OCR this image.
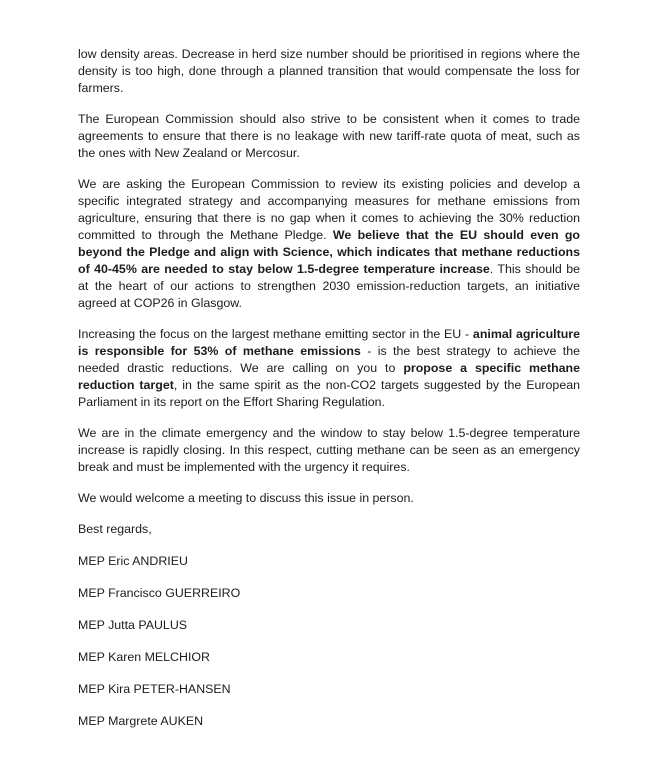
low density areas. Decrease in herd size number should be prioritised in regions where the density is too high, done through a planned transition that would compensate the loss for farmers.

The European Commission should also strive to be consistent when it comes to trade agreements to ensure that there is no leakage with new tariff-rate quota of meat, such as the ones with New Zealand or Mercosur.

We are asking the European Commission to review its existing policies and develop a specific integrated strategy and accompanying measures for methane emissions from agriculture, ensuring that there is no gap when it comes to achieving the 30% reduction committed to through the Methane Pledge. We believe that the EU should even go beyond the Pledge and align with Science, which indicates that methane reductions of 40-45% are needed to stay below 1.5-degree temperature increase. This should be at the heart of our actions to strengthen 2030 emission-reduction targets, an initiative agreed at COP26 in Glasgow.

Increasing the focus on the largest methane emitting sector in the EU - animal agriculture is responsible for 53% of methane emissions - is the best strategy to achieve the needed drastic reductions. We are calling on you to propose a specific methane reduction target, in the same spirit as the non-CO2 targets suggested by the European Parliament in its report on the Effort Sharing Regulation.

We are in the climate emergency and the window to stay below 1.5-degree temperature increase is rapidly closing. In this respect, cutting methane can be seen as an emergency break and must be implemented with the urgency it requires.

We would welcome a meeting to discuss this issue in person.

Best regards,

MEP Eric ANDRIEU

MEP Francisco GUERREIRO

MEP Jutta PAULUS

MEP Karen MELCHIOR

MEP Kira PETER-HANSEN

MEP Margrete AUKEN
